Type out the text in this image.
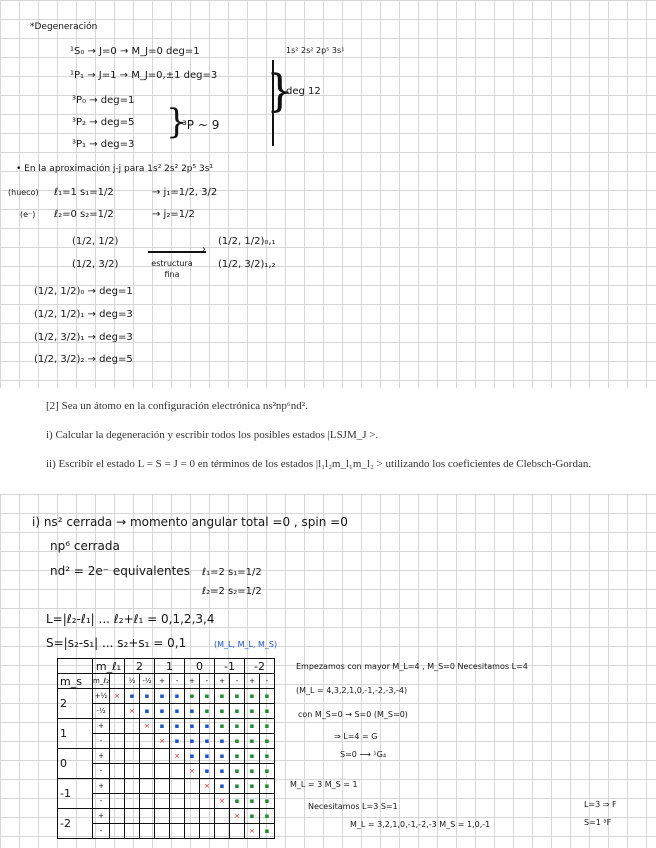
*Degeneración
¹S₀ → J=0 → M_J=0 deg=1	1s² 2s² 2p⁵ 3s¹
¹P₁ → J=1 → M_J=0,±1 deg=3
³P₀ → deg=1
³P₂ → deg=5
³P₁ → deg=3
}
³P ~ 9
}
deg 12
• En la aproximación j-j para 1s² 2s² 2p⁵ 3s¹
(hueco) ℓ₁=1 s₁=1/2	→ j₁=1/2, 3/2
(e⁻) ℓ₂=0 s₂=1/2	→ j₂=1/2
(1/2, 1/2)
(1/2, 3/2)
›
estructura fina
(1/2, 1/2)₀,₁
(1/2, 3/2)₁,₂
(1/2, 1/2)₀ → deg=1
(1/2, 1/2)₁ → deg=3
(1/2, 3/2)₁ → deg=3
(1/2, 3/2)₂ → deg=5
[2] Sea un átomo en la configuración electrónica ns²np⁶nd².
i) Calcular la degeneración y escribir todos los posibles estados |LSJM_J >.
ii) Escribir el estado L = S = J = 0 en términos de los estados |l₁l₂m_l₁m_l₂ > utilizando los coeficientes de Clebsch-Gordan.
i) ns² cerrada → momento angular total =0 , spin =0
np⁶ cerrada
nd² = 2e⁻ equivalentes ℓ₁=2 s₁=1/2
ℓ₂=2 s₂=1/2
L=|ℓ₂-ℓ₁| ... ℓ₂+ℓ₁ = 0,1,2,3,4
S=|s₂-s₁| ... s₂+s₁ = 0,1	(M_L, M_L, M_S)
	m_ℓ₁		2		1		0		-1		-2	
m_s	m_ℓ₂		½	-½	+	-	+	-	+	-	+	-
2	+½	×	▪	▪	▪	▪	▪	▪	▪	▪	▪	▪
	-½		×	▪	▪	▪	▪	▪	▪	▪	▪	▪
1	+			×	▪	▪	▪	▪	▪	▪	▪	▪
	-				×	▪	▪	▪	▪	▪	▪	▪
0	+					×	▪	▪	▪	▪	▪	▪
	-						×	▪	▪	▪	▪	▪
-1	+							×	▪	▪	▪	▪
	-								×	▪	▪	▪
-2	+									×	▪	▪
	-										×	▪
Empezamos con mayor M_L=4 , M_S=0 Necesitamos L=4
(M_L = 4,3,2,1,0,-1,-2,-3,-4)
con M_S=0 → S=0 (M_S=0)
⇒ L=4 = G
S=0 ⟶ ¹G₄
M_L = 3 M_S = 1
Necesitamos L=3 S=1
M_L = 3,2,1,0,-1,-2,-3 M_S = 1,0,-1
L=3 ⇒ F
S=1 ³F
